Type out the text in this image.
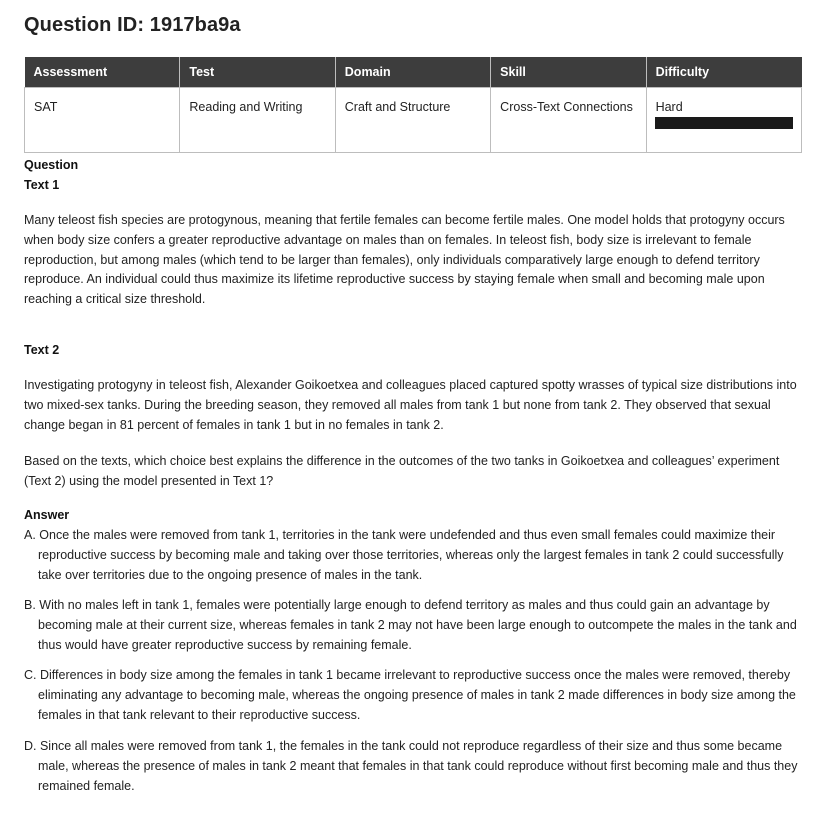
Question ID: 1917ba9a
Assessment	Test	Domain	Skill	Difficulty
SAT	Reading and Writing	Craft and Structure	Cross-Text Connections	Hard

Question

Text 1

Many teleost fish species are protogynous, meaning that fertile females can become fertile males. One model holds that protogyny occurs when body size confers a greater reproductive advantage on males than on females. In teleost fish, body size is irrelevant to female reproduction, but among males (which tend to be larger than females), only individuals comparatively large enough to defend territory reproduce. An individual could thus maximize its lifetime reproductive success by staying female when small and becoming male upon reaching a critical size threshold.

Text 2

Investigating protogyny in teleost fish, Alexander Goikoetxea and colleagues placed captured spotty wrasses of typical size distributions into two mixed-sex tanks. During the breeding season, they removed all males from tank 1 but none from tank 2. They observed that sexual change began in 81 percent of females in tank 1 but in no females in tank 2.

Based on the texts, which choice best explains the difference in the outcomes of the two tanks in Goikoetxea and colleagues’ experiment (Text 2) using the model presented in Text 1?

Answer

A. Once the males were removed from tank 1, territories in the tank were undefended and thus even small females could maximize their reproductive success by becoming male and taking over those territories, whereas only the largest females in tank 2 could successfully take over territories due to the ongoing presence of males in the tank.

B. With no males left in tank 1, females were potentially large enough to defend territory as males and thus could gain an advantage by becoming male at their current size, whereas females in tank 2 may not have been large enough to outcompete the males in the tank and thus would have greater reproductive success by remaining female.

C. Differences in body size among the females in tank 1 became irrelevant to reproductive success once the males were removed, thereby eliminating any advantage to becoming male, whereas the ongoing presence of males in tank 2 made differences in body size among the females in that tank relevant to their reproductive success.

D. Since all males were removed from tank 1, the females in the tank could not reproduce regardless of their size and thus some became male, whereas the presence of males in tank 2 meant that females in that tank could reproduce without first becoming male and thus they remained female.
